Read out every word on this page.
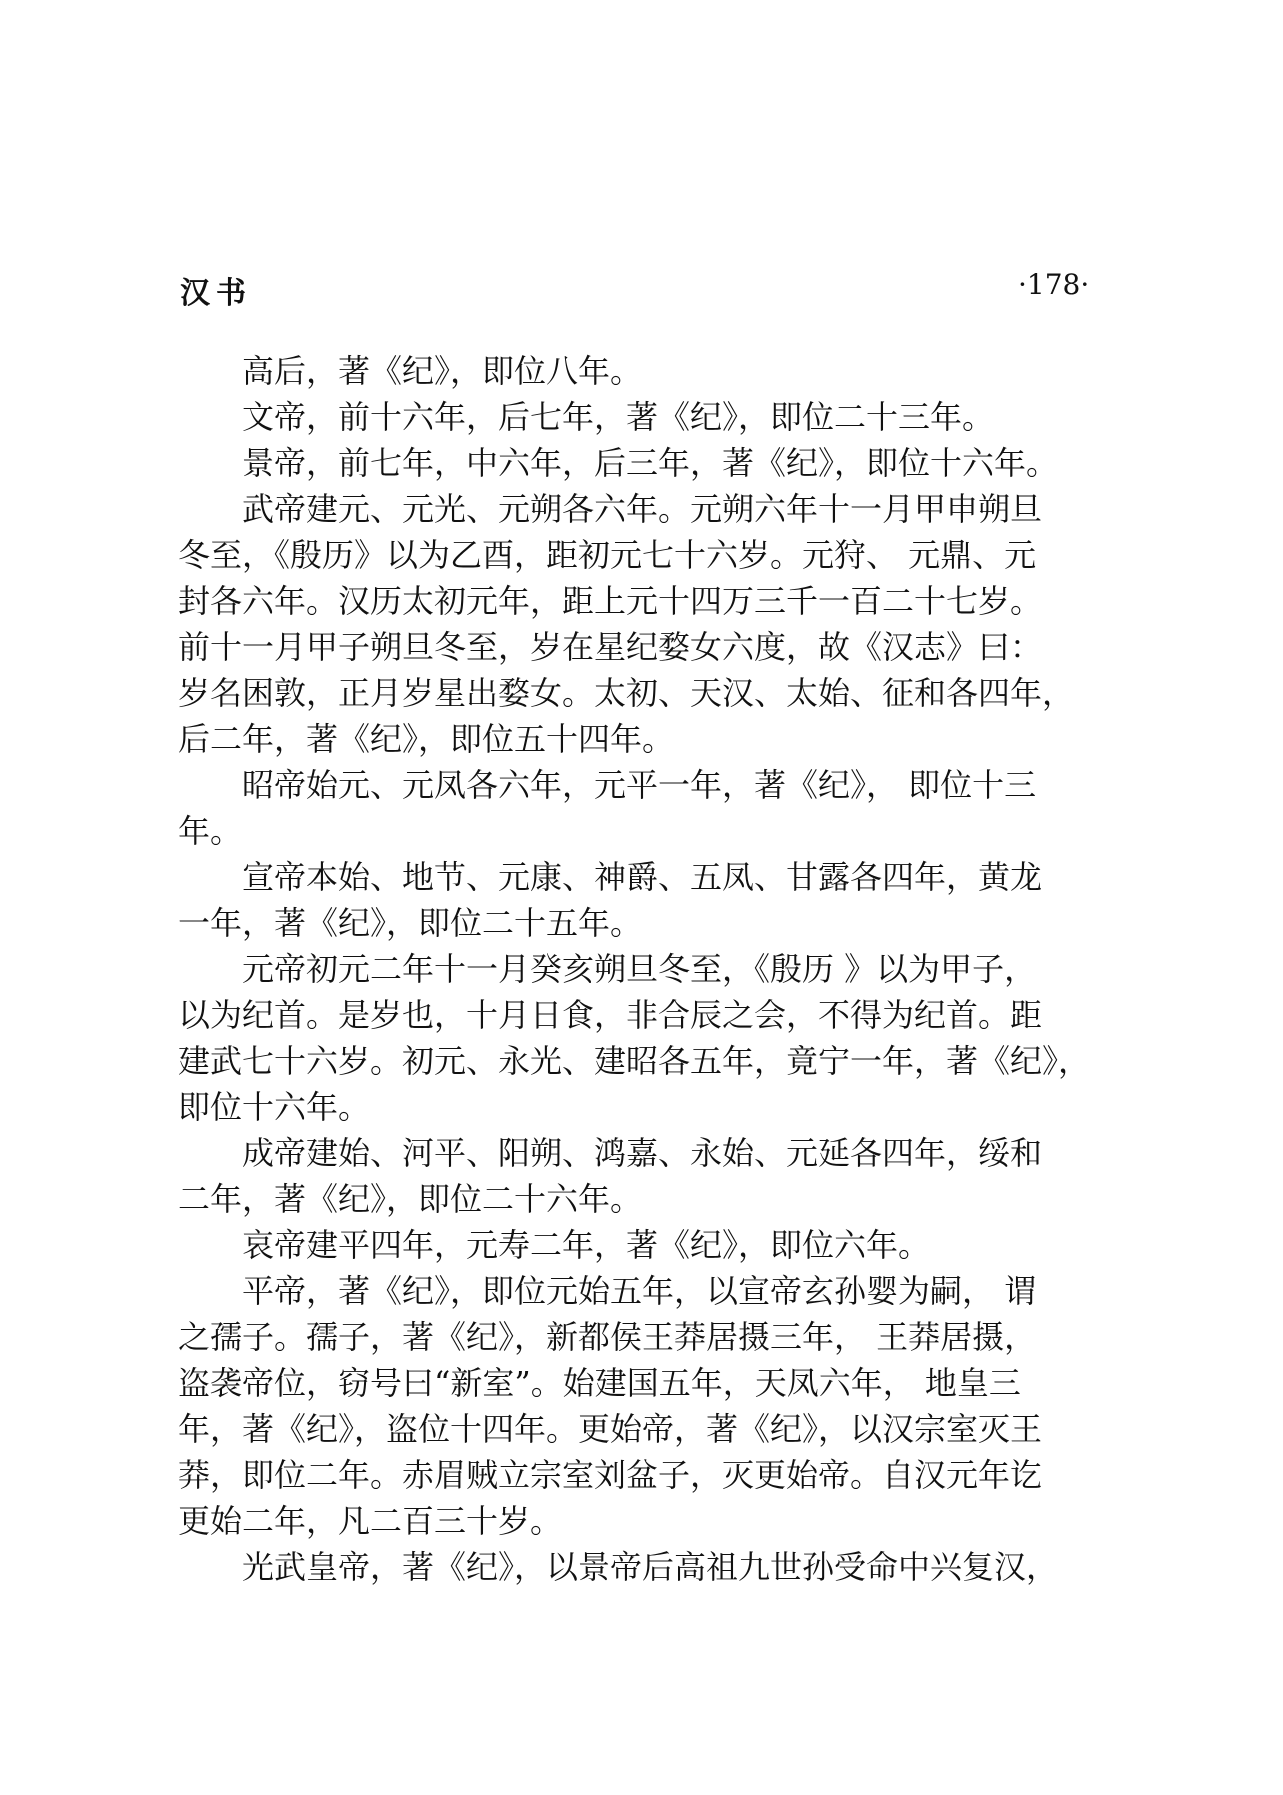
汉书	·178·
高后，著《纪》，即位八年。
文帝，前十六年，后七年，著《纪》，即位二十三年。
景帝，前七年，中六年，后三年，著《纪》，即位十六年。
武帝建元、元光、元朔各六年。元朔六年十一月甲申朔旦
冬至，《殷历》以为乙酉，距初元七十六岁。元狩、 元鼎、元
封各六年。汉历太初元年，距上元十四万三千一百二十七岁。
前十一月甲子朔旦冬至，岁在星纪婺女六度，故《汉志》曰：
岁名困敦，正月岁星出婺女。太初、天汉、太始、征和各四年，
后二年，著《纪》，即位五十四年。
昭帝始元、元凤各六年，元平一年，著《纪》， 即位十三
年。
宣帝本始、地节、元康、神爵、五凤、甘露各四年，黄龙
一年，著《纪》，即位二十五年。
元帝初元二年十一月癸亥朔旦冬至，《殷历 》以为甲子，
以为纪首。是岁也，十月日食，非合辰之会，不得为纪首。距
建武七十六岁。初元、永光、建昭各五年，竟宁一年，著《纪》，
即位十六年。
成帝建始、河平、阳朔、鸿嘉、永始、元延各四年，绥和
二年，著《纪》，即位二十六年。
哀帝建平四年，元寿二年，著《纪》，即位六年。
平帝，著《纪》，即位元始五年，以宣帝玄孙婴为嗣， 谓
之孺子。孺子，著《纪》，新都侯王莽居摄三年， 王莽居摄，
盗袭帝位，窃号曰“新室”。始建国五年，天凤六年， 地皇三
年，著《纪》，盗位十四年。更始帝，著《纪》，以汉宗室灭王
莽，即位二年。赤眉贼立宗室刘盆子，灭更始帝。自汉元年讫
更始二年，凡二百三十岁。
光武皇帝，著《纪》，以景帝后高祖九世孙受命中兴复汉，
